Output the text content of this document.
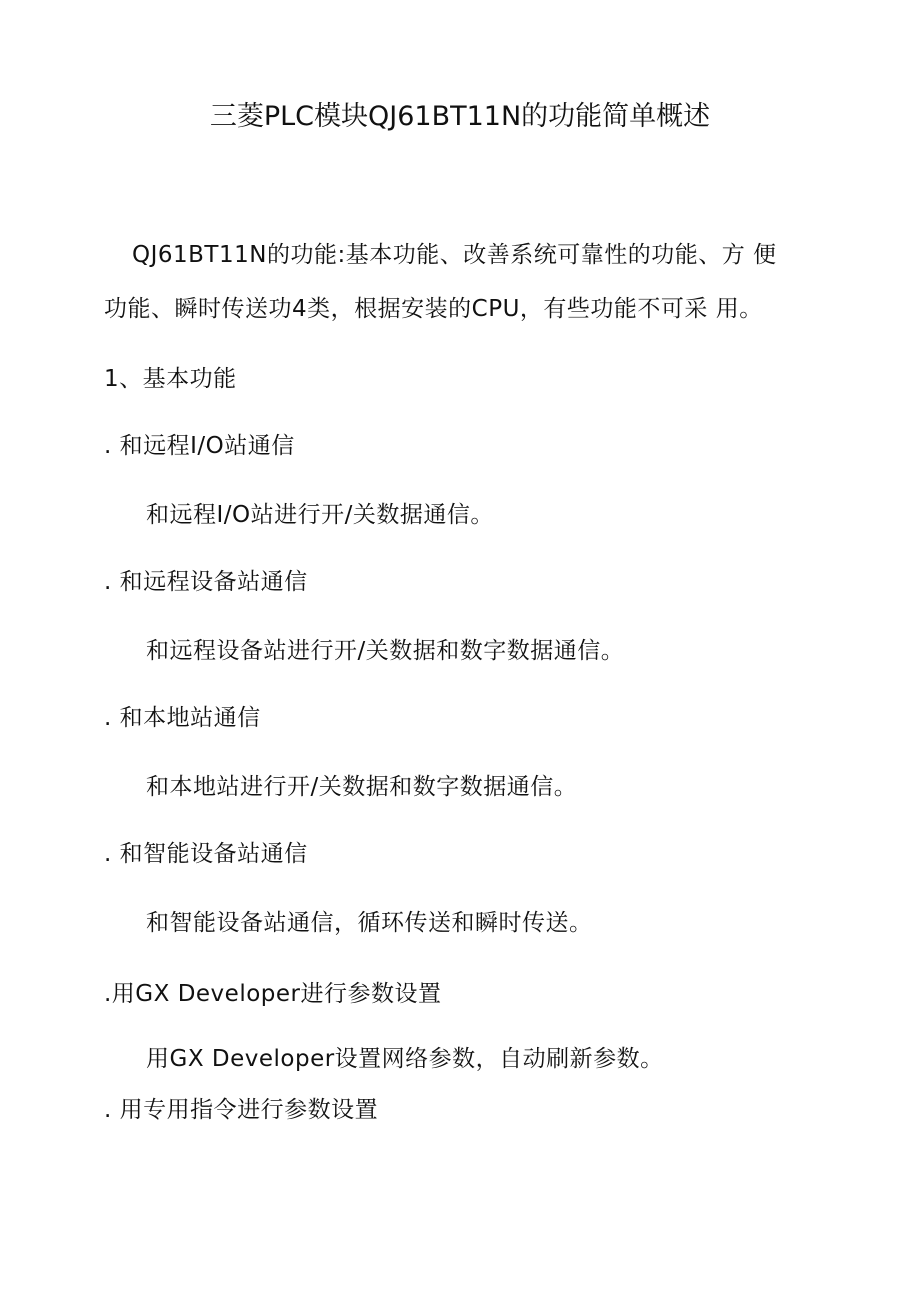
三菱PLC模块QJ61BT11N的功能简单概述
QJ61BT11N的功能:基本功能、改善系统可靠性的功能、方 便
功能、瞬时传送功4类，根据安装的CPU，有些功能不可采 用。
1、基本功能
. 和远程I/O站通信
和远程I/O站进行开/关数据通信。
. 和远程设备站通信
和远程设备站进行开/关数据和数字数据通信。
. 和本地站通信
和本地站进行开/关数据和数字数据通信。
. 和智能设备站通信
和智能设备站通信，循环传送和瞬时传送。
.用GX Developer进行参数设置
用GX Developer设置网络参数，自动刷新参数。
. 用专用指令进行参数设置
